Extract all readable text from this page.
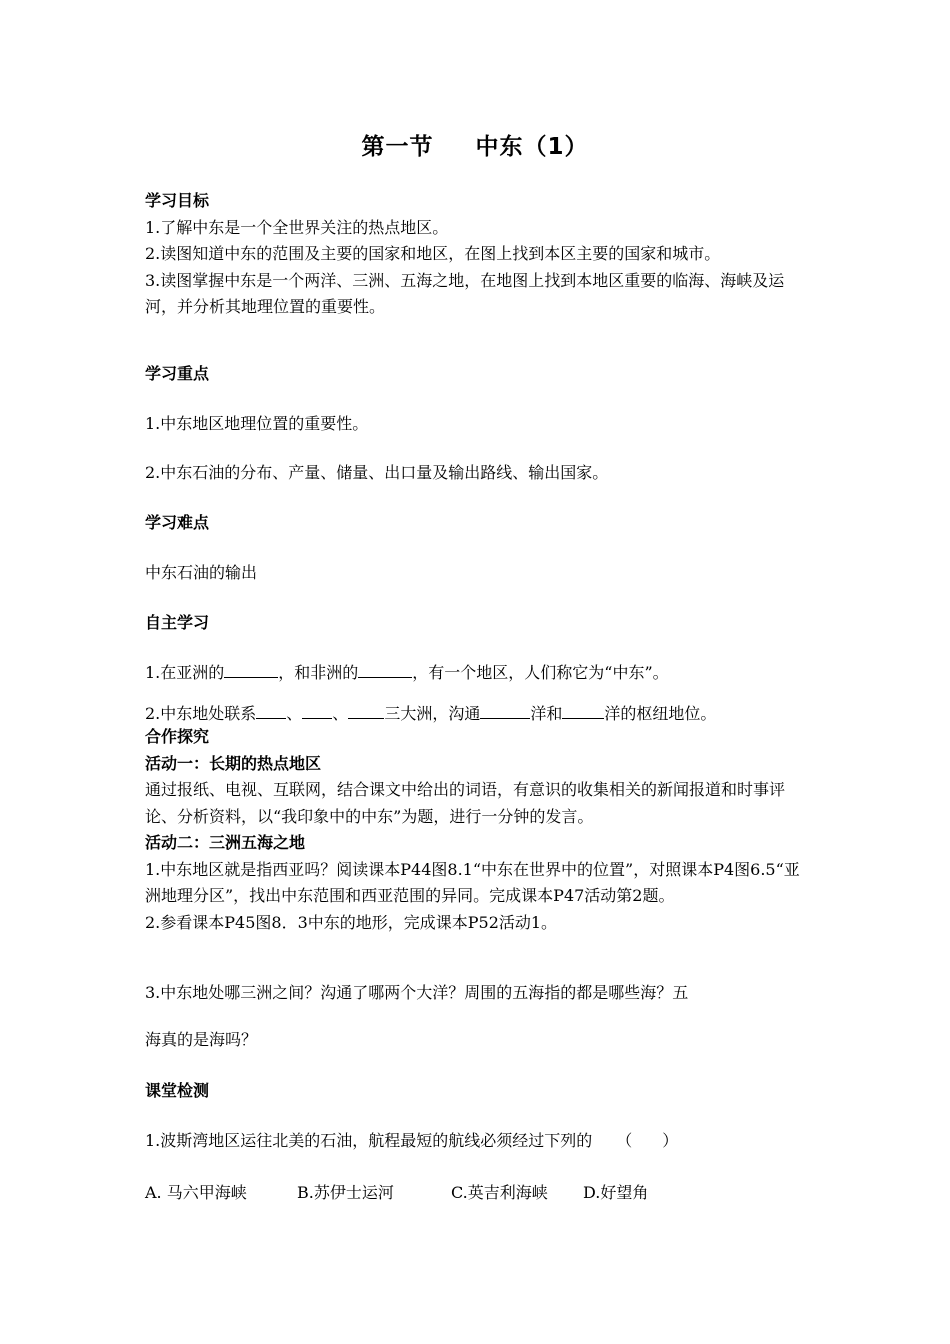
第一节 中东（1）
学习目标
1.了解中东是一个全世界关注的热点地区。
2.读图知道中东的范围及主要的国家和地区，在图上找到本区主要的国家和城市。
3.读图掌握中东是一个两洋、三洲、五海之地，在地图上找到本地区重要的临海、海峡及运河，并分析其地理位置的重要性。
学习重点
1.中东地区地理位置的重要性。
2.中东石油的分布、产量、储量、出口量及输出路线、输出国家。
学习难点
中东石油的输出
自主学习
1.在亚洲的	，和非洲的	，有一个地区，人们称它为“中东”。
2.中东地处联系 、 、 三大洲，沟通	洋和	洋的枢纽地位。
合作探究
活动一：长期的热点地区
通过报纸、电视、互联网，结合课文中给出的词语，有意识的收集相关的新闻报道和时事评论、分析资料，以“我印象中的中东”为题，进行一分钟的发言。
活动二：三洲五海之地
1.中东地区就是指西亚吗？阅读课本P44图8.1“中东在世界中的位置”，对照课本P4图6.5“亚洲地理分区”，找出中东范围和西亚范围的异同。完成课本P47活动第2题。
2.参看课本P45图8．3中东的地形，完成课本P52活动1。
3.中东地处哪三洲之间？沟通了哪两个大洋？周围的五海指的都是哪些海？五
海真的是海吗？
课堂检测
1.波斯湾地区运往北美的石油，航程最短的航线必须经过下列的 （ ）
A. 马六甲海峡	B.苏伊士运河	C.英吉利海峡 D.好望角
